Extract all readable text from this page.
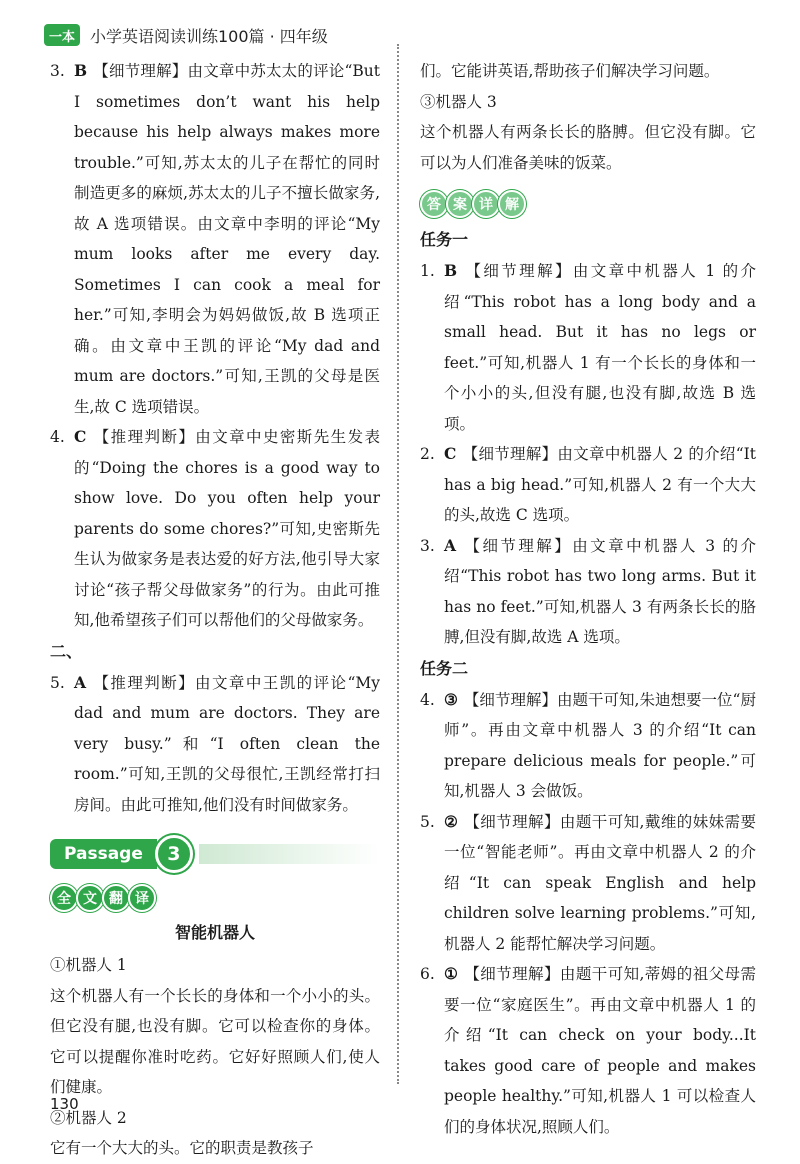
一本 小学英语阅读训练100篇 · 四年级
3. B 【细节理解】由文章中苏太太的评论“But I sometimes don’t want his help because his help always makes more trouble.”可知,苏太太的儿子在帮忙的同时制造更多的麻烦,苏太太的儿子不擅长做家务,故 A 选项错误。由文章中李明的评论“My mum looks after me every day. Sometimes I can cook a meal for her.”可知,李明会为妈妈做饭,故 B 选项正确。由文章中王凯的评论“My dad and mum are doctors.”可知,王凯的父母是医生,故 C 选项错误。

4. C 【推理判断】由文章中史密斯先生发表的“Doing the chores is a good way to show love. Do you often help your parents do some chores?”可知,史密斯先生认为做家务是表达爱的好方法,他引导大家讨论“孩子帮父母做家务”的行为。由此可推知,他希望孩子们可以帮他们的父母做家务。

二、

5. A 【推理判断】由文章中王凯的评论“My dad and mum are doctors. They are very busy.”和“I often clean the room.”可知,王凯的父母很忙,王凯经常打扫房间。由此可推知,他们没有时间做家务。

Passage	3
全 文 翻 译

智能机器人

①机器人 1

这个机器人有一个长长的身体和一个小小的头。但它没有腿,也没有脚。它可以检查你的身体。它可以提醒你准时吃药。它好好照顾人们,使人们健康。

②机器人 2

它有一个大大的头。它的职责是教孩子

们。它能讲英语,帮助孩子们解决学习问题。

③机器人 3

这个机器人有两条长长的胳膊。但它没有脚。它可以为人们准备美味的饭菜。

答 案 详 解

任务一

1. B 【细节理解】由文章中机器人 1 的介绍“This robot has a long body and a small head. But it has no legs or feet.”可知,机器人 1 有一个长长的身体和一个小小的头,但没有腿,也没有脚,故选 B 选项。

2. C 【细节理解】由文章中机器人 2 的介绍“It has a big head.”可知,机器人 2 有一个大大的头,故选 C 选项。

3. A 【细节理解】由文章中机器人 3 的介绍“This robot has two long arms. But it has no feet.”可知,机器人 3 有两条长长的胳膊,但没有脚,故选 A 选项。

任务二

4. ③ 【细节理解】由题干可知,朱迪想要一位“厨师”。再由文章中机器人 3 的介绍“It can prepare delicious meals for people.”可知,机器人 3 会做饭。

5. ② 【细节理解】由题干可知,戴维的妹妹需要一位“智能老师”。再由文章中机器人 2 的介绍“It can speak English and help children solve learning problems.”可知,机器人 2 能帮忙解决学习问题。

6. ① 【细节理解】由题干可知,蒂姆的祖父母需要一位“家庭医生”。再由文章中机器人 1 的介绍“It can check on your body...It takes good care of people and makes people healthy.”可知,机器人 1 可以检查人们的身体状况,照顾人们。

130
